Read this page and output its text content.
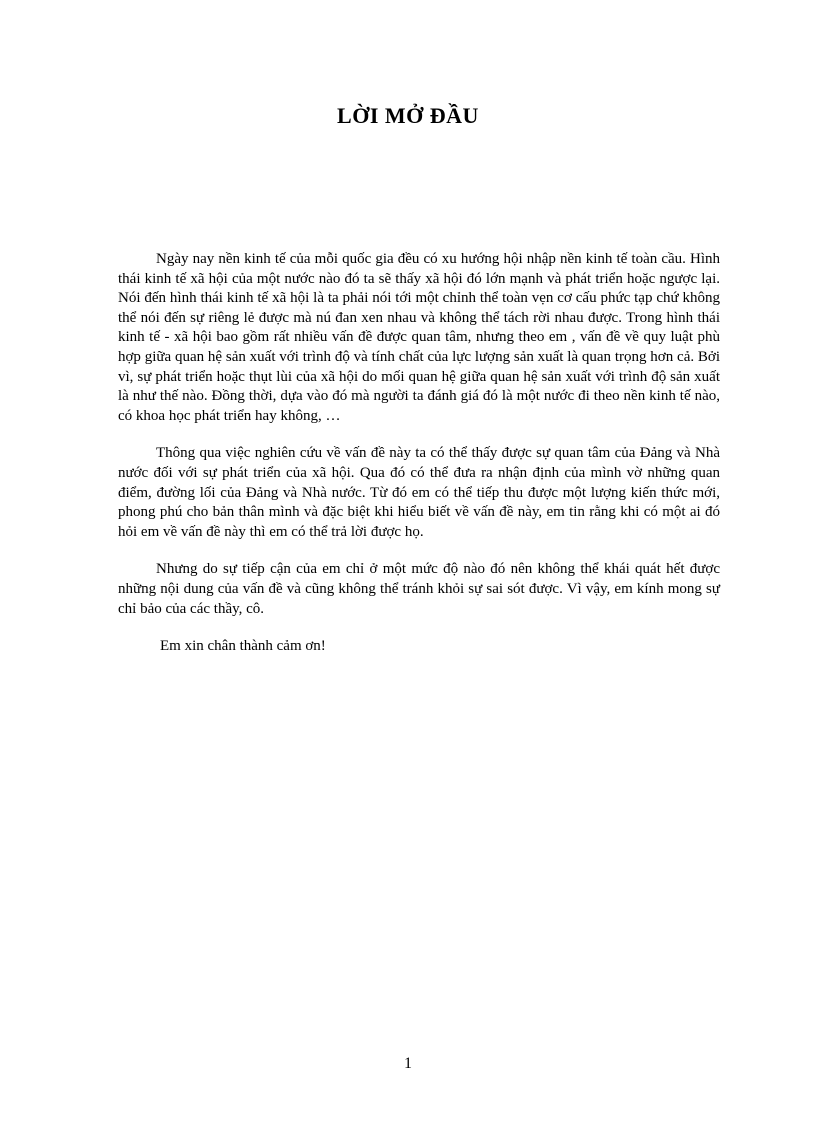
LỜI MỞ ĐẦU

Ngày nay nền kinh tế của mỗi quốc gia đều có xu hướng hội nhập nền kinh tế toàn cầu. Hình thái kinh tế xã hội của một nước nào đó ta sẽ thấy xã hội đó lớn mạnh và phát triển hoặc ngược lại. Nói đến hình thái kinh tế xã hội là ta phải nói tới một chỉnh thể toàn vẹn cơ cấu phức tạp chứ không thể nói đến sự riêng lẻ được mà nú đan xen nhau và không thể tách rời nhau được. Trong hình thái kinh tế - xã hội bao gồm rất nhiều vấn đề được quan tâm, nhưng theo em , vấn đề về quy luật phù hợp giữa quan hệ sản xuất với trình độ và tính chất của lực lượng sản xuất là quan trọng hơn cả. Bởi vì, sự phát triển hoặc thụt lùi của xã hội do mối quan hệ giữa quan hệ sản xuất với trình độ sản xuất là như thế nào. Đồng thời, dựa vào đó mà người ta đánh giá đó là một nước đi theo nền kinh tế nào, có khoa học phát triển hay không, …

Thông qua việc nghiên cứu về vấn đề này ta có thể thấy được sự quan tâm của Đảng và Nhà nước đối với sự phát triển của xã hội. Qua đó có thể đưa ra nhận định của mình vờ những quan điểm, đường lối của Đảng và Nhà nước. Từ đó em có thể tiếp thu được một lượng kiến thức mới, phong phú cho bản thân mình và đặc biệt khi hiểu biết về vấn đề này, em tin rằng khi có một ai đó hỏi em về vấn đề này thì em có thể trả lời được họ.

Nhưng do sự tiếp cận của em chỉ ở một mức độ nào đó nên không thể khái quát hết được những nội dung của vấn đề và cũng không thể tránh khỏi sự sai sót được. Vì vậy, em kính mong sự chỉ bảo của các thầy, cô.

Em xin chân thành cảm ơn!

1
